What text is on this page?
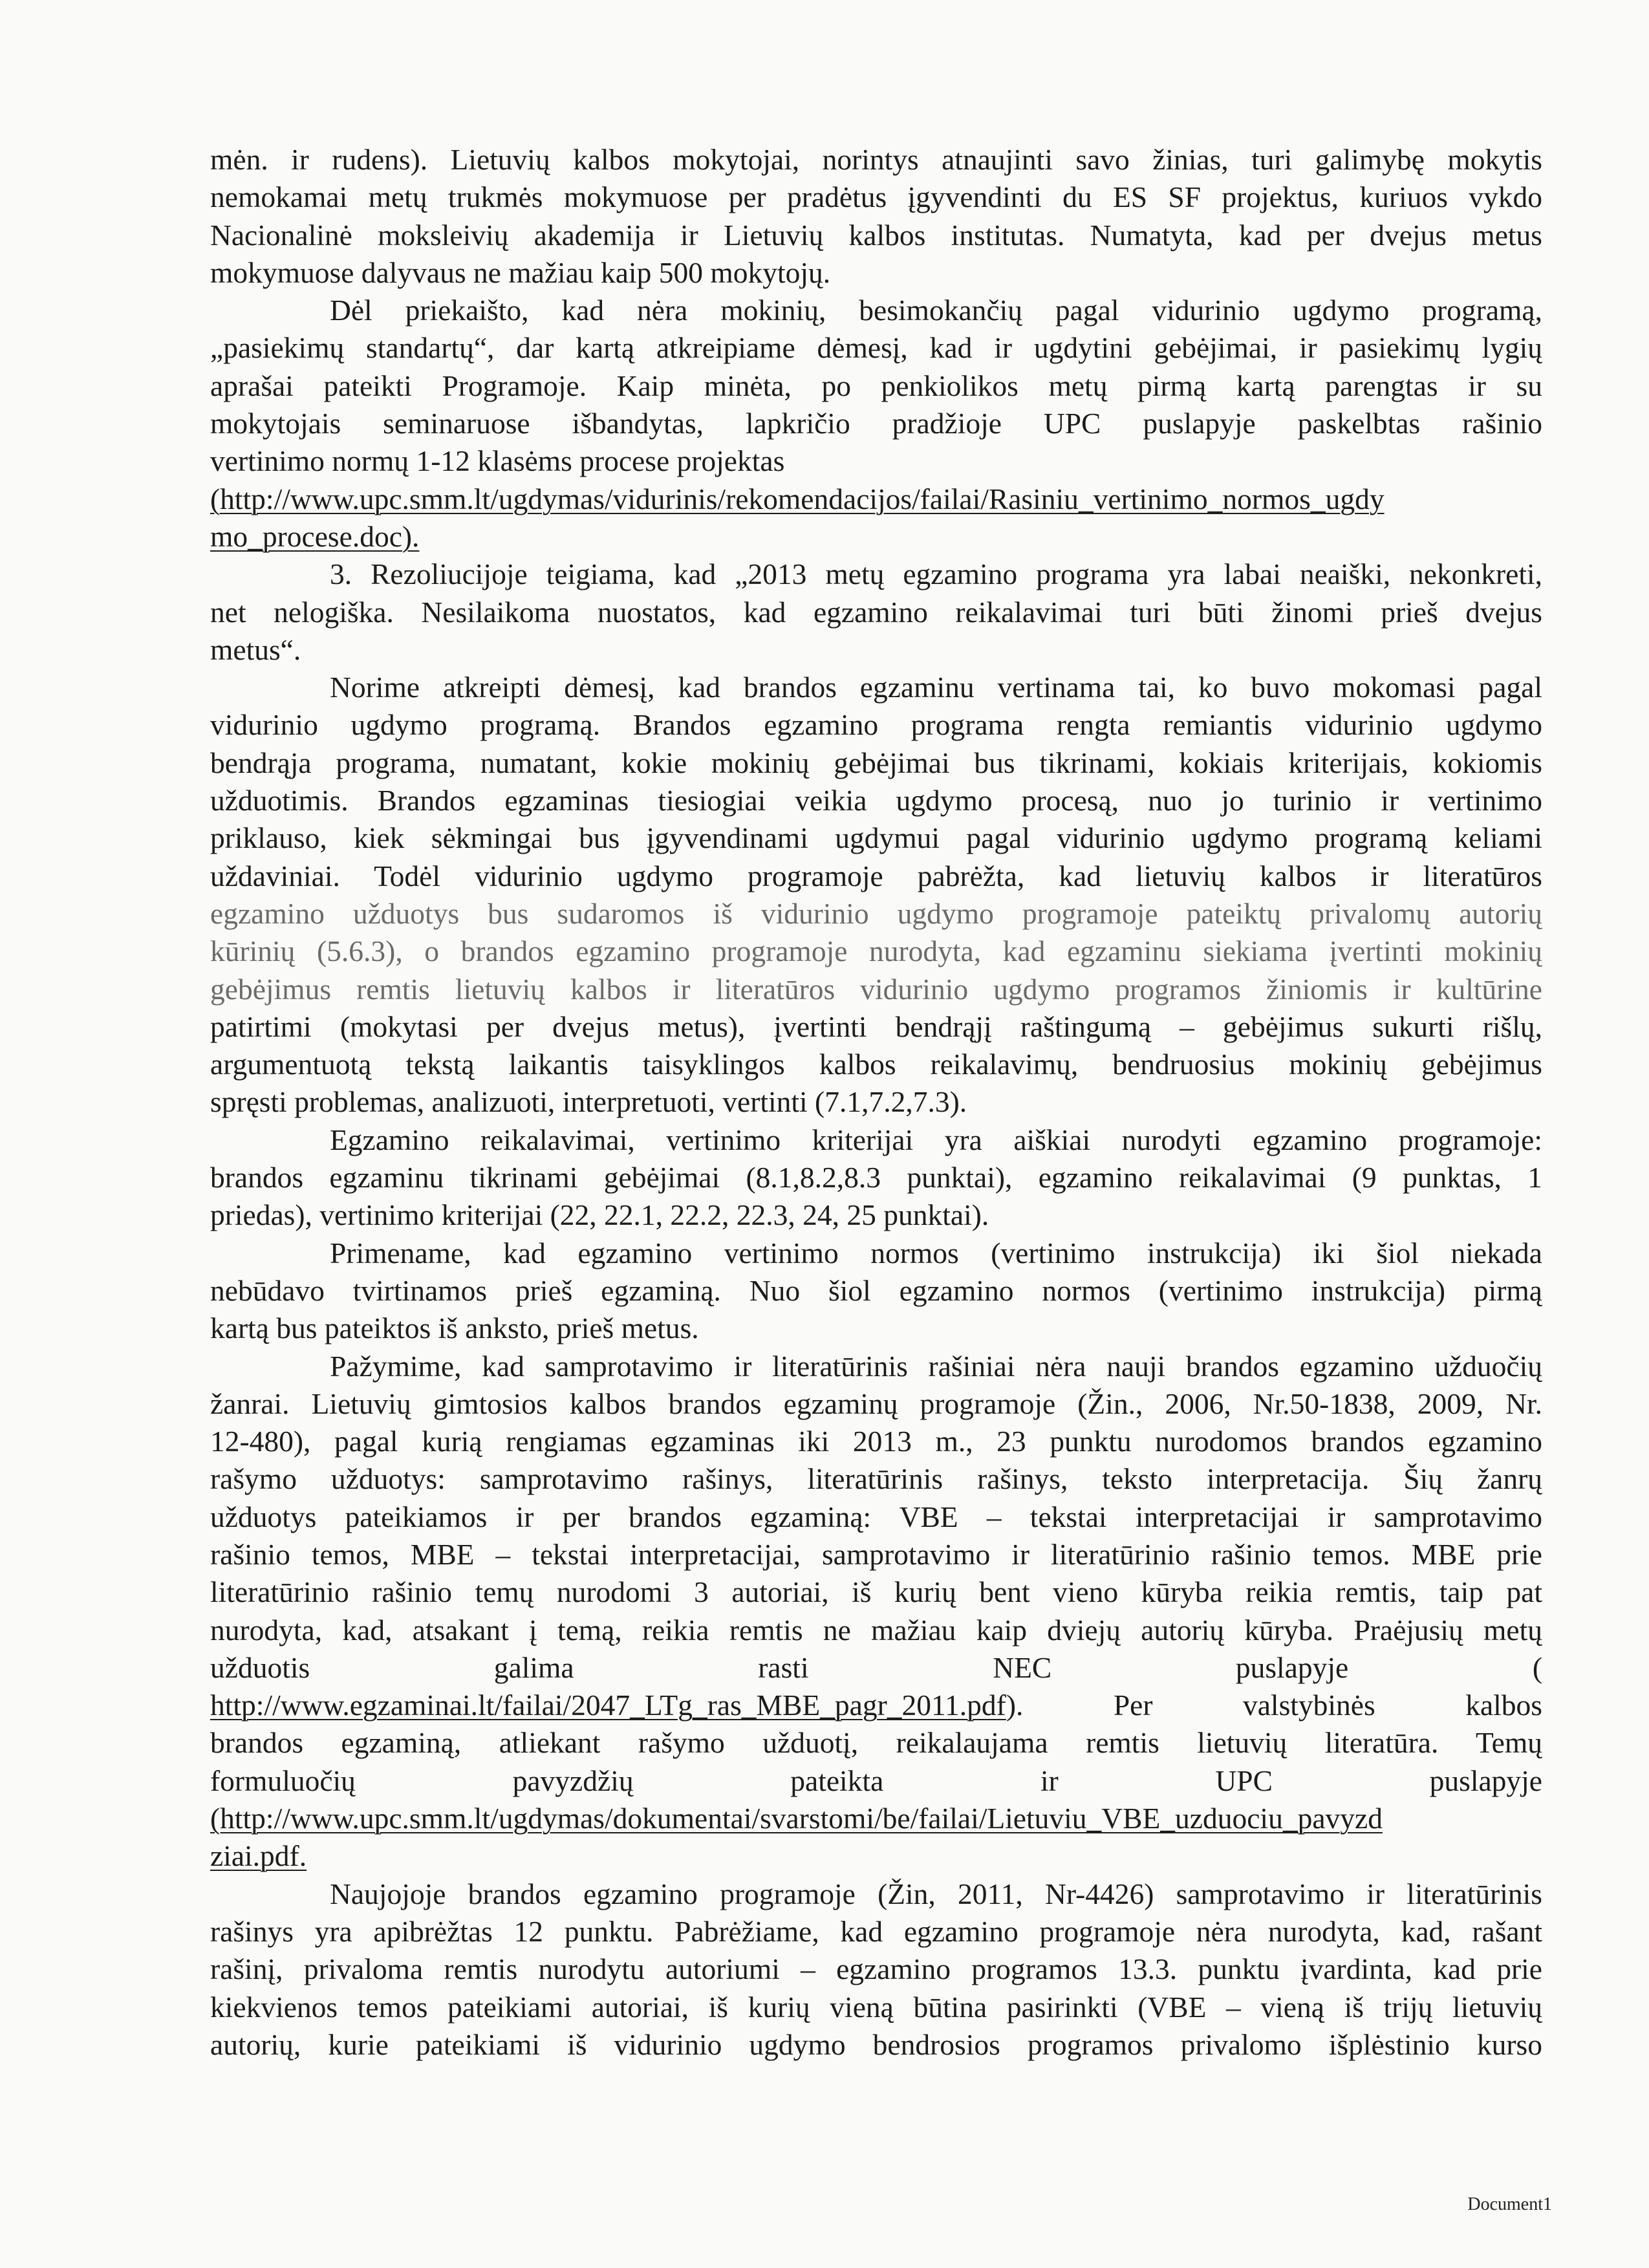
mėn. ir rudens). Lietuvių kalbos mokytojai, norintys atnaujinti savo žinias, turi galimybę mokytis
nemokamai metų trukmės mokymuose per pradėtus įgyvendinti du ES SF projektus, kuriuos vykdo
Nacionalinė moksleivių akademija ir Lietuvių kalbos institutas. Numatyta, kad per dvejus metus
mokymuose dalyvaus ne mažiau kaip 500 mokytojų.
Dėl priekaišto, kad nėra mokinių, besimokančių pagal vidurinio ugdymo programą,
„pasiekimų standartų“, dar kartą atkreipiame dėmesį, kad ir ugdytini gebėjimai, ir pasiekimų lygių
aprašai pateikti Programoje. Kaip minėta, po penkiolikos metų pirmą kartą parengtas ir su
mokytojais seminaruose išbandytas, lapkričio pradžioje UPC puslapyje paskelbtas rašinio
vertinimo normų 1-12 klasėms procese projektas
(http://www.upc.smm.lt/ugdymas/vidurinis/rekomendacijos/failai/Rasiniu_vertinimo_normos_ugdy
mo_procese.doc).
3. Rezoliucijoje teigiama, kad „2013 metų egzamino programa yra labai neaiški, nekonkreti,
net nelogiška. Nesilaikoma nuostatos, kad egzamino reikalavimai turi būti žinomi prieš dvejus
metus“.
Norime atkreipti dėmesį, kad brandos egzaminu vertinama tai, ko buvo mokomasi pagal
vidurinio ugdymo programą. Brandos egzamino programa rengta remiantis vidurinio ugdymo
bendrąja programa, numatant, kokie mokinių gebėjimai bus tikrinami, kokiais kriterijais, kokiomis
užduotimis. Brandos egzaminas tiesiogiai veikia ugdymo procesą, nuo jo turinio ir vertinimo
priklauso, kiek sėkmingai bus įgyvendinami ugdymui pagal vidurinio ugdymo programą keliami
uždaviniai. Todėl vidurinio ugdymo programoje pabrėžta, kad lietuvių kalbos ir literatūros
egzamino užduotys bus sudaromos iš vidurinio ugdymo programoje pateiktų privalomų autorių
kūrinių (5.6.3), o brandos egzamino programoje nurodyta, kad egzaminu siekiama įvertinti mokinių
gebėjimus remtis lietuvių kalbos ir literatūros vidurinio ugdymo programos žiniomis ir kultūrine
patirtimi (mokytasi per dvejus metus), įvertinti bendrąjį raštingumą – gebėjimus sukurti rišlų,
argumentuotą tekstą laikantis taisyklingos kalbos reikalavimų, bendruosius mokinių gebėjimus
spręsti problemas, analizuoti, interpretuoti, vertinti (7.1,7.2,7.3).
Egzamino reikalavimai, vertinimo kriterijai yra aiškiai nurodyti egzamino programoje:
brandos egzaminu tikrinami gebėjimai (8.1,8.2,8.3 punktai), egzamino reikalavimai (9 punktas, 1
priedas), vertinimo kriterijai (22, 22.1, 22.2, 22.3, 24, 25 punktai).
Primename, kad egzamino vertinimo normos (vertinimo instrukcija) iki šiol niekada
nebūdavo tvirtinamos prieš egzaminą. Nuo šiol egzamino normos (vertinimo instrukcija) pirmą
kartą bus pateiktos iš anksto, prieš metus.
Pažymime, kad samprotavimo ir literatūrinis rašiniai nėra nauji brandos egzamino užduočių
žanrai. Lietuvių gimtosios kalbos brandos egzaminų programoje (Žin., 2006, Nr.50-1838, 2009, Nr.
12-480), pagal kurią rengiamas egzaminas iki 2013 m., 23 punktu nurodomos brandos egzamino
rašymo užduotys: samprotavimo rašinys, literatūrinis rašinys, teksto interpretacija. Šių žanrų
užduotys pateikiamos ir per brandos egzaminą: VBE – tekstai interpretacijai ir samprotavimo
rašinio temos, MBE – tekstai interpretacijai, samprotavimo ir literatūrinio rašinio temos. MBE prie
literatūrinio rašinio temų nurodomi 3 autoriai, iš kurių bent vieno kūryba reikia remtis, taip pat
nurodyta, kad, atsakant į temą, reikia remtis ne mažiau kaip dviejų autorių kūryba. Praėjusių metų
užduotis galima rasti NEC puslapyje (
http://www.egzaminai.lt/failai/2047_LTg_ras_MBE_pagr_2011.pdf). Per valstybinės kalbos
brandos egzaminą, atliekant rašymo užduotį, reikalaujama remtis lietuvių literatūra. Temų
formuluočių pavyzdžių pateikta ir UPC puslapyje
(http://www.upc.smm.lt/ugdymas/dokumentai/svarstomi/be/failai/Lietuviu_VBE_uzduociu_pavyzd
ziai.pdf.
Naujojoje brandos egzamino programoje (Žin, 2011, Nr-4426) samprotavimo ir literatūrinis
rašinys yra apibrėžtas 12 punktu. Pabrėžiame, kad egzamino programoje nėra nurodyta, kad, rašant
rašinį, privaloma remtis nurodytu autoriumi – egzamino programos 13.3. punktu įvardinta, kad prie
kiekvienos temos pateikiami autoriai, iš kurių vieną būtina pasirinkti (VBE – vieną iš trijų lietuvių
autorių, kurie pateikiami iš vidurinio ugdymo bendrosios programos privalomo išplėstinio kurso
Document1
